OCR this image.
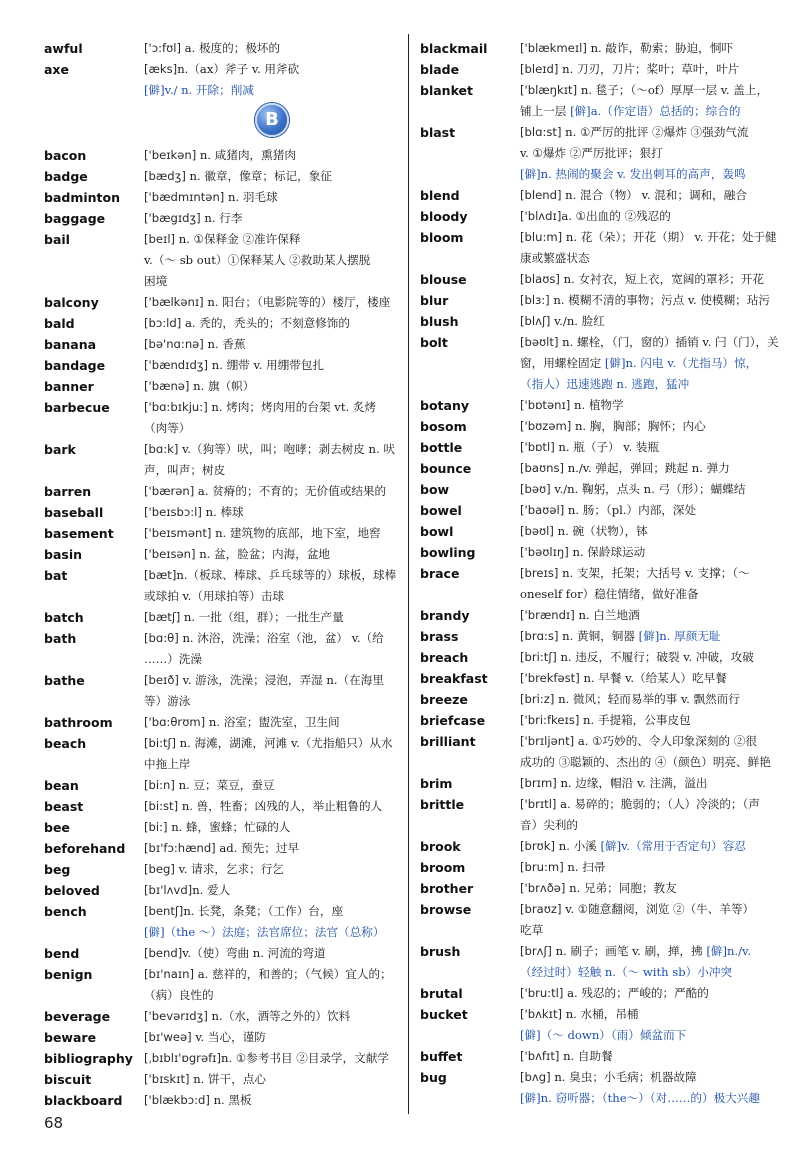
awful	['ɔ:fʊl] a. 极度的；极坏的
axe	[æks]n.（ax）斧子 v. 用斧砍
[僻]v./ n. 开除；削减
B
bacon	['beɪkən] n. 咸猪肉，熏猪肉
badge	[bædʒ] n. 徽章，像章；标记，象征
badminton ['bædmɪntən] n. 羽毛球
baggage	['bægɪdʒ] n. 行李
bail	[beɪl] n. ①保释金 ②准许保释
v.（～ sb out）①保释某人 ②救助某人摆脱
困境
balcony	['bælkənɪ] n. 阳台；（电影院等的）楼厅，楼座
bald	[bɔ:ld] a. 秃的，秃头的；不刻意修饰的
banana	[bə'nɑ:nə] n. 香蕉
bandage	['bændɪdʒ] n. 绷带 v. 用绷带包扎
banner	['bænə] n. 旗（帜）
barbecue	['bɑ:bɪkju:] n. 烤肉；烤肉用的台架 vt. 炙烤
（肉等）
bark	[bɑ:k] v.（狗等）吠，叫；咆哮；剥去树皮 n. 吠
声，叫声；树皮
barren	['bærən] a. 贫瘠的；不育的；无价值或结果的
baseball	['beɪsbɔ:l] n. 棒球
basement	['beɪsmənt] n. 建筑物的底部，地下室，地窖
basin	['beɪsən] n. 盆，脸盆；内海，盆地
bat	[bæt]n.（板球、棒球、乒乓球等的）球板，球棒
或球拍 v.（用球拍等）击球
batch	[bætʃ] n. 一批（组，群）；一批生产量
bath	[bɑ:θ] n. 沐浴，洗澡；浴室（池，盆） v.（给
……）洗澡
bathe	[beɪð] v. 游泳，洗澡；浸泡，弄湿 n.（在海里
等）游泳
bathroom	['bɑ:θrʊm] n. 浴室；盥洗室，卫生间
beach	[bi:tʃ] n. 海滩，湖滩，河滩 v.（尤指船只）从水
中拖上岸
bean	[bi:n] n. 豆；菜豆，蚕豆
beast	[bi:st] n. 兽，牲畜；凶残的人，举止粗鲁的人
bee	[bi:] n. 蜂，蜜蜂；忙碌的人
beforehand [bɪ'fɔ:hænd] ad. 预先；过早
beg	[beg] v. 请求，乞求；行乞
beloved	[bɪ'lʌvd]n. 爱人
bench	[bentʃ]n. 长凳，条凳；（工作）台，座
[僻]（the ～）法庭；法官席位；法官（总称）
bend	[bend]v.（使）弯曲 n. 河流的弯道
benign	[bɪ'naɪn] a. 慈祥的，和善的；（气候）宜人的；
（病）良性的
beverage	['bevərɪdʒ] n.（水，酒等之外的）饮料
beware	[bɪ'weə] v. 当心，谨防
bibliography [ˌbɪblɪ'ɒgrəfɪ]n. ①参考书目 ②目录学，文献学
biscuit	['bɪskɪt] n. 饼干，点心
blackboard ['blækbɔ:d] n. 黑板
blackmail	['blækmeɪl] n. 敲诈，勒索；胁迫，恫吓
blade	[bleɪd] n. 刀刃，刀片；桨叶；草叶，叶片
blanket	['blæŋkɪt] n. 毯子；（～of）厚厚一层 v. 盖上，
铺上一层 [僻]a.（作定语）总括的；综合的
blast	[blɑ:st] n. ①严厉的批评 ②爆炸 ③强劲气流
v. ①爆炸 ②严厉批评；狠打
[僻]n. 热闹的聚会 v. 发出刺耳的高声，轰鸣
blend	[blend] n. 混合（物） v. 混和；调和，融合
bloody	['blʌdɪ]a. ①出血的 ②残忍的
bloom	[blu:m] n. 花（朵）；开花（期） v. 开花；处于健
康或繁盛状态
blouse	[blaʊs] n. 女衬衣，短上衣，宽阔的罩衫；开花
blur	[blɜ:] n. 模糊不清的事物；污点 v. 使模糊；玷污
blush	[blʌʃ] v./n. 脸红
bolt	[bəʊlt] n. 螺栓，（门，窗的）插销 v. 闩（门），关
窗，用螺栓固定 [僻]n. 闪电 v.（尤指马）惊，
（指人）迅速逃跑 n. 逃跑，猛冲
botany	['bɒtənɪ] n. 植物学
bosom	['bʊzəm] n. 胸，胸部；胸怀；内心
bottle	['bɒtl] n. 瓶（子） v. 装瓶
bounce	[baʊns] n./v. 弹起，弹回；跳起 n. 弹力
bow	[bəʊ] v./n. 鞠躬，点头 n. 弓（形）；蝴蝶结
bowel	['baʊəl] n. 肠；（pl.）内部，深处
bowl	[bəʊl] n. 碗（状物），钵
bowling	['bəʊlɪŋ] n. 保龄球运动
brace	[breɪs] n. 支架，托架；大括号 v. 支撑；（～
oneself for）稳住情绪，做好准备
brandy	['brændɪ] n. 白兰地酒
brass	[brɑ:s] n. 黄铜，铜器 [僻]n. 厚颜无耻
breach	[bri:tʃ] n. 违反，不履行；破裂 v. 冲破，攻破
breakfast	['brekfəst] n. 早餐 v.（给某人）吃早餐
breeze	[bri:z] n. 微风；轻而易举的事 v. 飘然而行
briefcase	['bri:fkeɪs] n. 手提箱，公事皮包
brilliant	['brɪljənt] a. ①巧妙的、令人印象深刻的 ②很
成功的 ③聪颖的、杰出的 ④（颜色）明亮、鲜艳
brim	[brɪm] n. 边缘，帽沿 v. 注满，溢出
brittle	['brɪtl] a. 易碎的；脆弱的；（人）冷淡的；（声
音）尖利的
brook	[brʊk] n. 小溪 [僻]v.（常用于否定句）容忍
broom	[bru:m] n. 扫帚
brother	['brʌðə] n. 兄弟；同胞；教友
browse	[braʊz] v. ①随意翻阅，浏览 ②（牛、羊等）
吃草
brush	[brʌʃ] n. 刷子；画笔 v. 刷，掸，拂 [僻]n./v.
（经过时）轻触 n.（～ with sb）小冲突
brutal	['bru:tl] a. 残忍的；严峻的；严酷的
bucket	['bʌkɪt] n. 水桶，吊桶
[僻]（～ down）（雨）倾盆而下
buffet	['bʌfɪt] n. 自助餐
bug	[bʌg] n. 臭虫；小毛病；机器故障
[僻]n. 窃听器；（the～）（对……的）极大兴趣
68
